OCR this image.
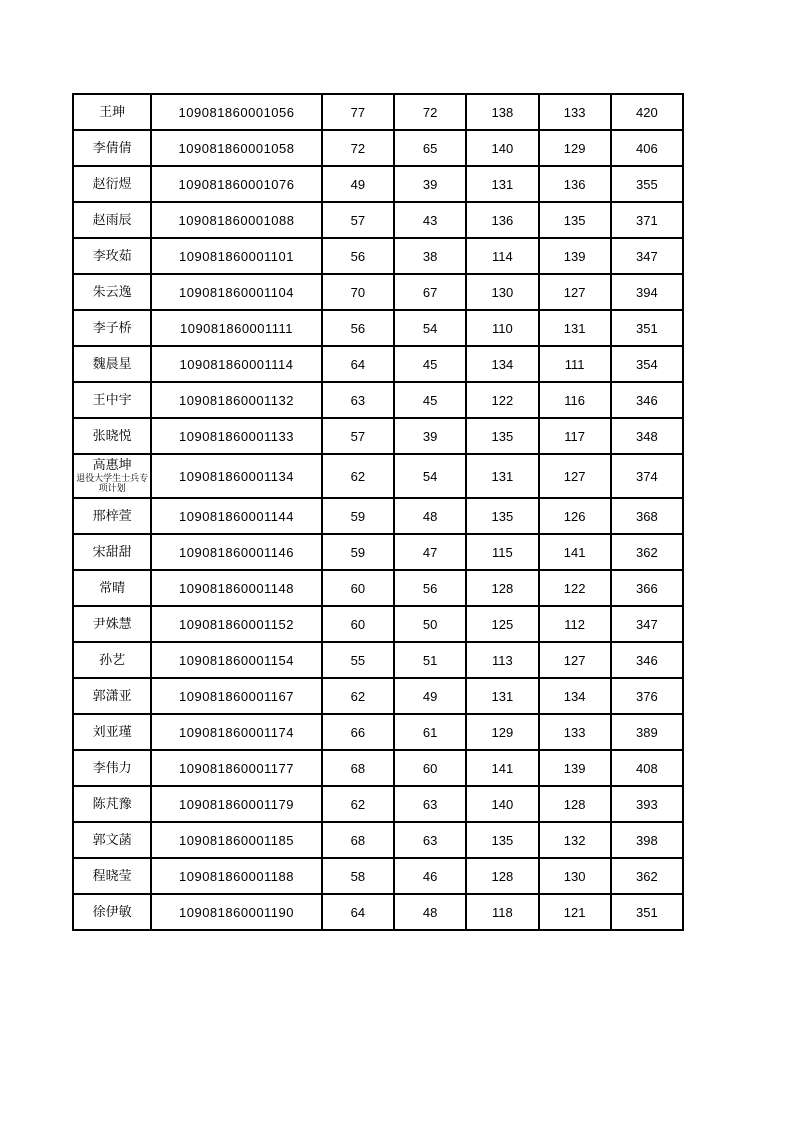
王珅	109081860001056	77	72	138	133	420

李倩倩	109081860001058	72	65	140	129	406

赵衍煜	109081860001076	49	39	131	136	355

赵雨辰	109081860001088	57	43	136	135	371

李玫茹	109081860001101	56	38	114	139	347

朱云逸	109081860001104	70	67	130	127	394

李子桥	109081860001111	56	54	110	131	351

魏晨星	109081860001114	64	45	134	111	354

王中宇	109081860001132	63	45	122	116	346

张晓悦	109081860001133	57	39	135	117	348

高惠坤
退役大学生士兵专项计划	109081860001134	62	54	131	127	374

邢梓萱	109081860001144	59	48	135	126	368

宋甜甜	109081860001146	59	47	115	141	362

常晴	109081860001148	60	56	128	122	366

尹姝慧	109081860001152	60	50	125	112	347

孙艺	109081860001154	55	51	113	127	346

郭潇亚	109081860001167	62	49	131	134	376

刘亚瑾	109081860001174	66	61	129	133	389

李伟力	109081860001177	68	60	141	139	408

陈芃豫	109081860001179	62	63	140	128	393

郭文菡	109081860001185	68	63	135	132	398

程晓莹	109081860001188	58	46	128	130	362

徐伊敏	109081860001190	64	48	118	121	351
